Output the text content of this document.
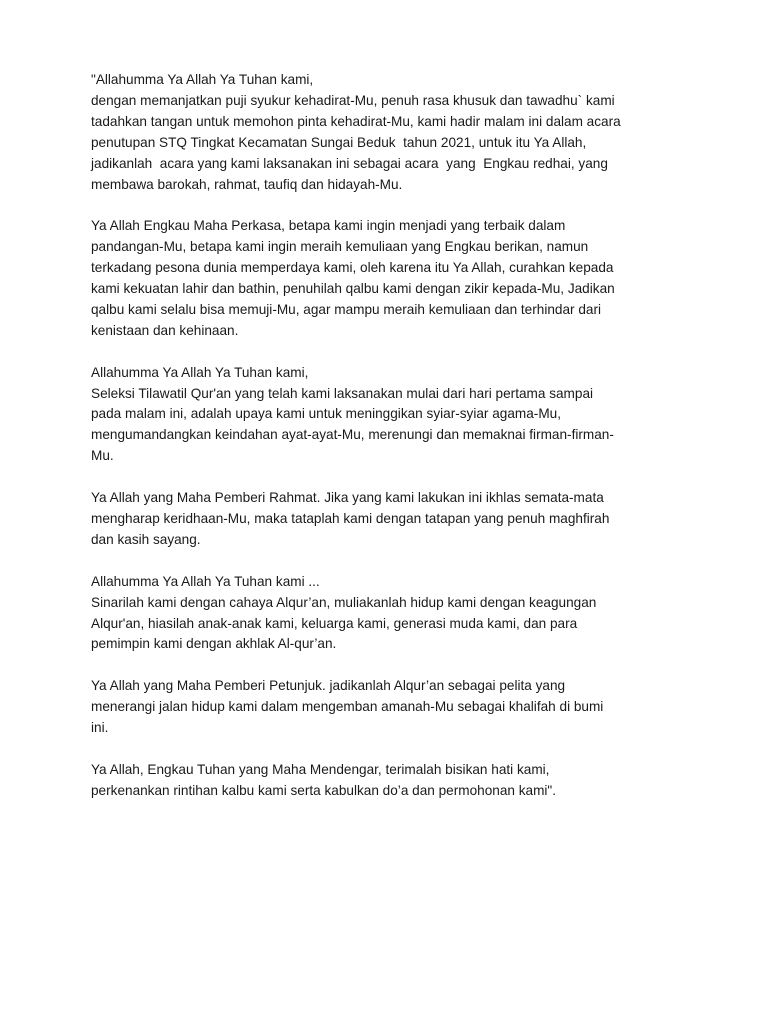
"Allahumma Ya Allah Ya Tuhan kami,
dengan memanjatkan puji syukur kehadirat-Mu, penuh rasa khusuk dan tawadhu` kami
tadahkan tangan untuk memohon pinta kehadirat-Mu, kami hadir malam ini dalam acara
penutupan STQ Tingkat Kecamatan Sungai Beduk  tahun 2021, untuk itu Ya Allah,
jadikanlah  acara yang kami laksanakan ini sebagai acara  yang  Engkau redhai, yang
membawa barokah, rahmat, taufiq dan hidayah-Mu.

Ya Allah Engkau Maha Perkasa, betapa kami ingin menjadi yang terbaik dalam
pandangan-Mu, betapa kami ingin meraih kemuliaan yang Engkau berikan, namun
terkadang pesona dunia memperdaya kami, oleh karena itu Ya Allah, curahkan kepada
kami kekuatan lahir dan bathin, penuhilah qalbu kami dengan zikir kepada-Mu, Jadikan
qalbu kami selalu bisa memuji-Mu, agar mampu meraih kemuliaan dan terhindar dari
kenistaan dan kehinaan.

Allahumma Ya Allah Ya Tuhan kami,
Seleksi Tilawatil Qur'an yang telah kami laksanakan mulai dari hari pertama sampai
pada malam ini, adalah upaya kami untuk meninggikan syiar-syiar agama-Mu,
mengumandangkan keindahan ayat-ayat-Mu, merenungi dan memaknai firman-firman-
Mu.

Ya Allah yang Maha Pemberi Rahmat. Jika yang kami lakukan ini ikhlas semata-mata
mengharap keridhaan-Mu, maka tataplah kami dengan tatapan yang penuh maghfirah
dan kasih sayang.

Allahumma Ya Allah Ya Tuhan kami ...
Sinarilah kami dengan cahaya Alqur’an, muliakanlah hidup kami dengan keagungan
Alqur'an, hiasilah anak-anak kami, keluarga kami, generasi muda kami, dan para
pemimpin kami dengan akhlak Al-qur’an.

Ya Allah yang Maha Pemberi Petunjuk. jadikanlah Alqur’an sebagai pelita yang
menerangi jalan hidup kami dalam mengemban amanah-Mu sebagai khalifah di bumi
ini.

Ya Allah, Engkau Tuhan yang Maha Mendengar, terimalah bisikan hati kami,
perkenankan rintihan kalbu kami serta kabulkan do’a dan permohonan kami".
